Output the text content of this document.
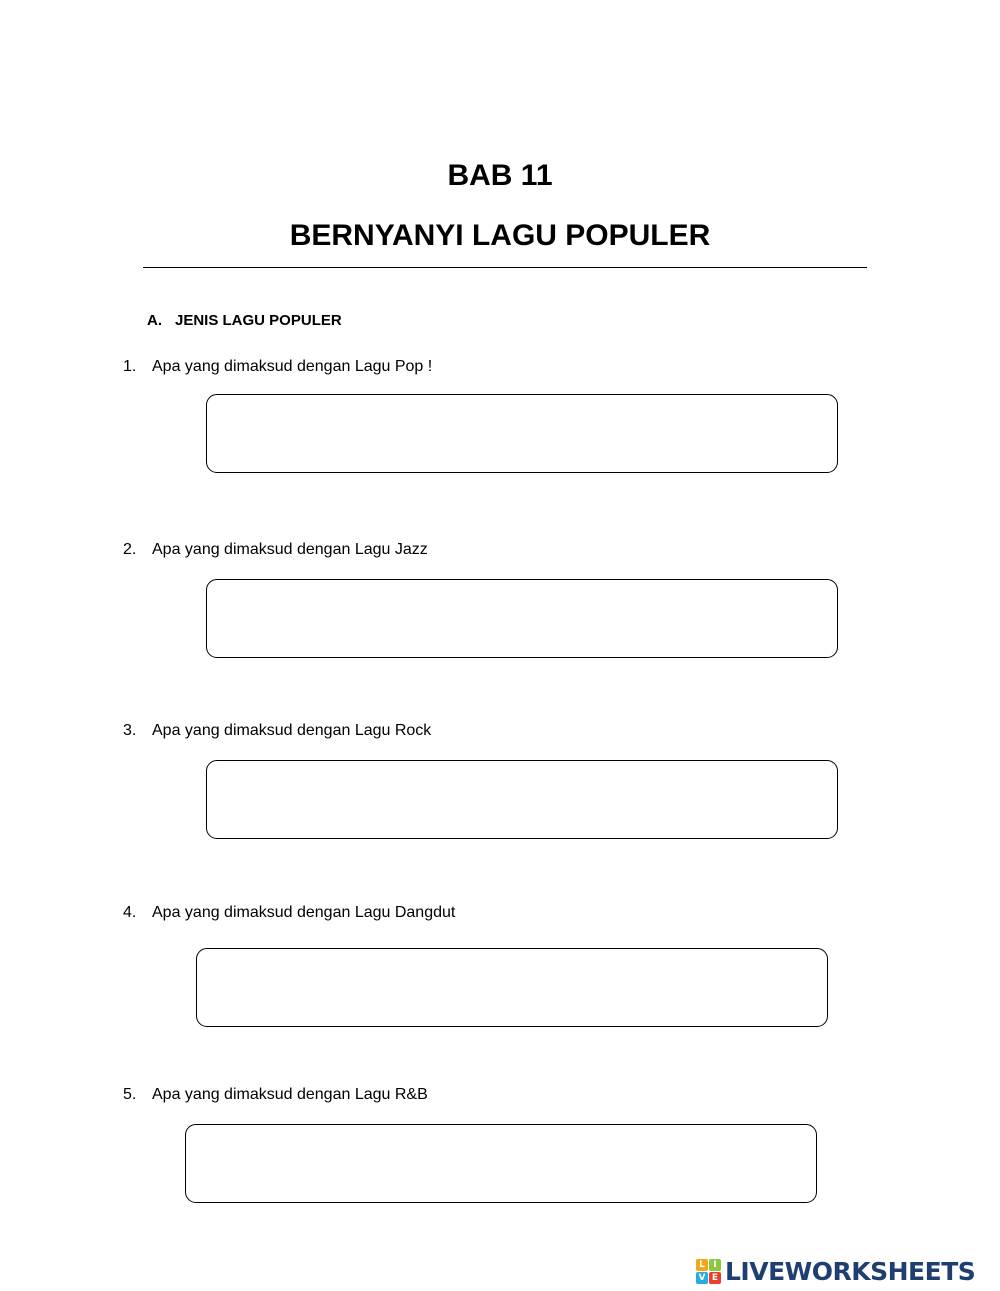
BAB 11
BERNYANYI LAGU POPULER
A. JENIS LAGU POPULER
1. Apa yang dimaksud dengan Lagu Pop !
2. Apa yang dimaksud dengan Lagu Jazz
3. Apa yang dimaksud dengan Lagu Rock
4. Apa yang dimaksud dengan Lagu Dangdut
5. Apa yang dimaksud dengan Lagu R&B
L I
V E LIVEWORKSHEETS
